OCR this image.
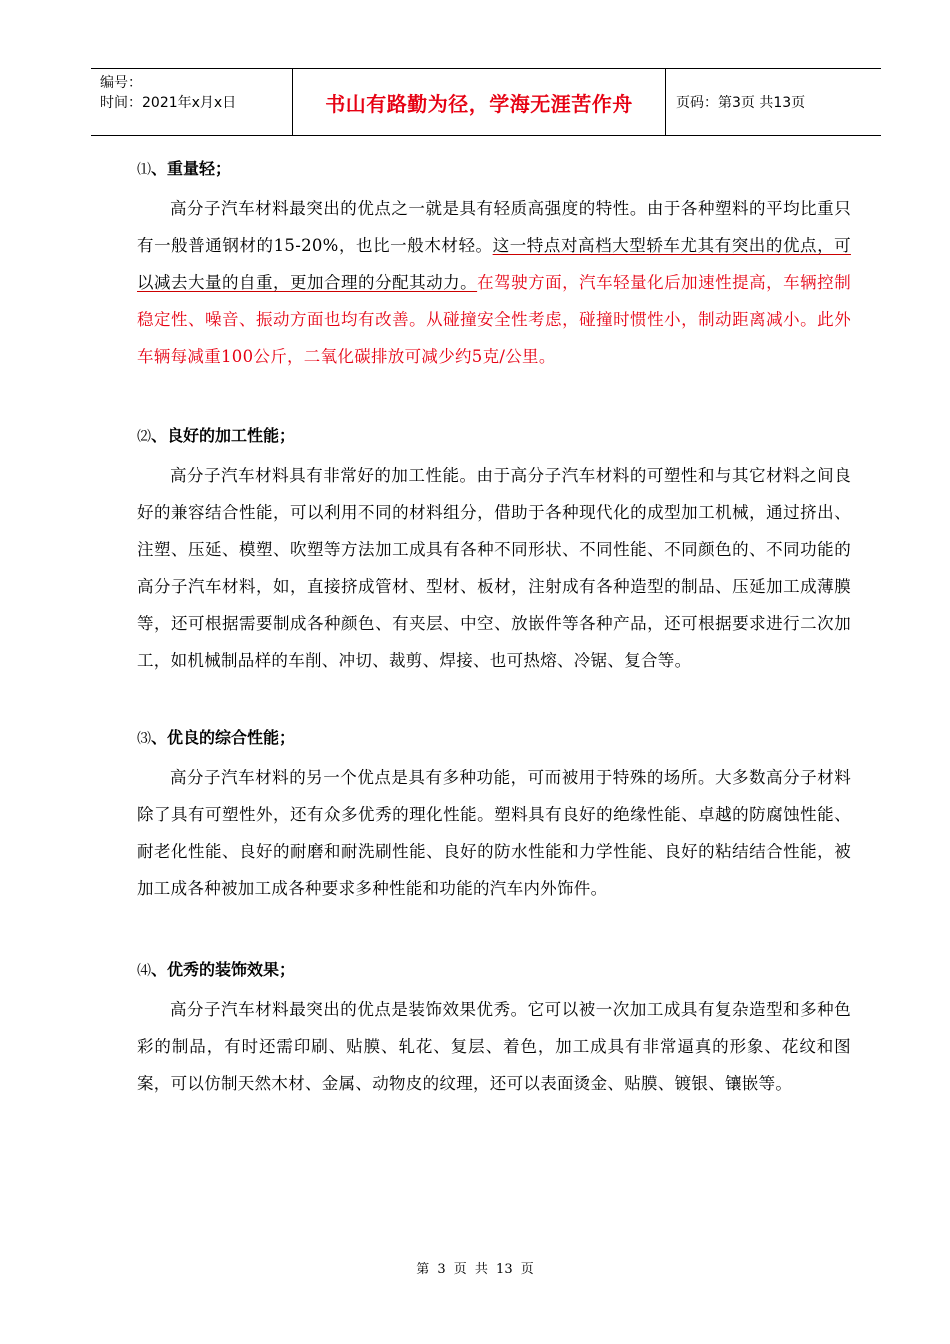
编号：
时间：2021年x月x日	书山有路勤为径，学海无涯苦作舟	页码：第3页 共13页
⑴、重量轻；

高分子汽车材料最突出的优点之一就是具有轻质高强度的特性。由于各种塑料的平均比重只有一般普通钢材的15-20%，也比一般木材轻。这一特点对高档大型轿车尤其有突出的优点，可以减去大量的自重，更加合理的分配其动力。在驾驶方面，汽车轻量化后加速性提高，车辆控制稳定性、噪音、振动方面也均有改善。从碰撞安全性考虑，碰撞时惯性小，制动距离减小。此外车辆每减重100公斤，二氧化碳排放可减少约5克/公里。

⑵、良好的加工性能；

高分子汽车材料具有非常好的加工性能。由于高分子汽车材料的可塑性和与其它材料之间良好的兼容结合性能，可以利用不同的材料组分，借助于各种现代化的成型加工机械，通过挤出、注塑、压延、模塑、吹塑等方法加工成具有各种不同形状、不同性能、不同颜色的、不同功能的高分子汽车材料，如，直接挤成管材、型材、板材，注射成有各种造型的制品、压延加工成薄膜等，还可根据需要制成各种颜色、有夹层、中空、放嵌件等各种产品，还可根据要求进行二次加工，如机械制品样的车削、冲切、裁剪、焊接、也可热熔、冷锯、复合等。

⑶、优良的综合性能；

高分子汽车材料的另一个优点是具有多种功能，可而被用于特殊的场所。大多数高分子材料除了具有可塑性外，还有众多优秀的理化性能。塑料具有良好的绝缘性能、卓越的防腐蚀性能、耐老化性能、良好的耐磨和耐洗刷性能、良好的防水性能和力学性能、良好的粘结结合性能，被加工成各种被加工成各种要求多种性能和功能的汽车内外饰件。

⑷、优秀的装饰效果；

高分子汽车材料最突出的优点是装饰效果优秀。它可以被一次加工成具有复杂造型和多种色彩的制品，有时还需印刷、贴膜、轧花、复层、着色，加工成具有非常逼真的形象、花纹和图案，可以仿制天然木材、金属、动物皮的纹理，还可以表面烫金、贴膜、镀银、镶嵌等。

第 3 页 共 13 页
